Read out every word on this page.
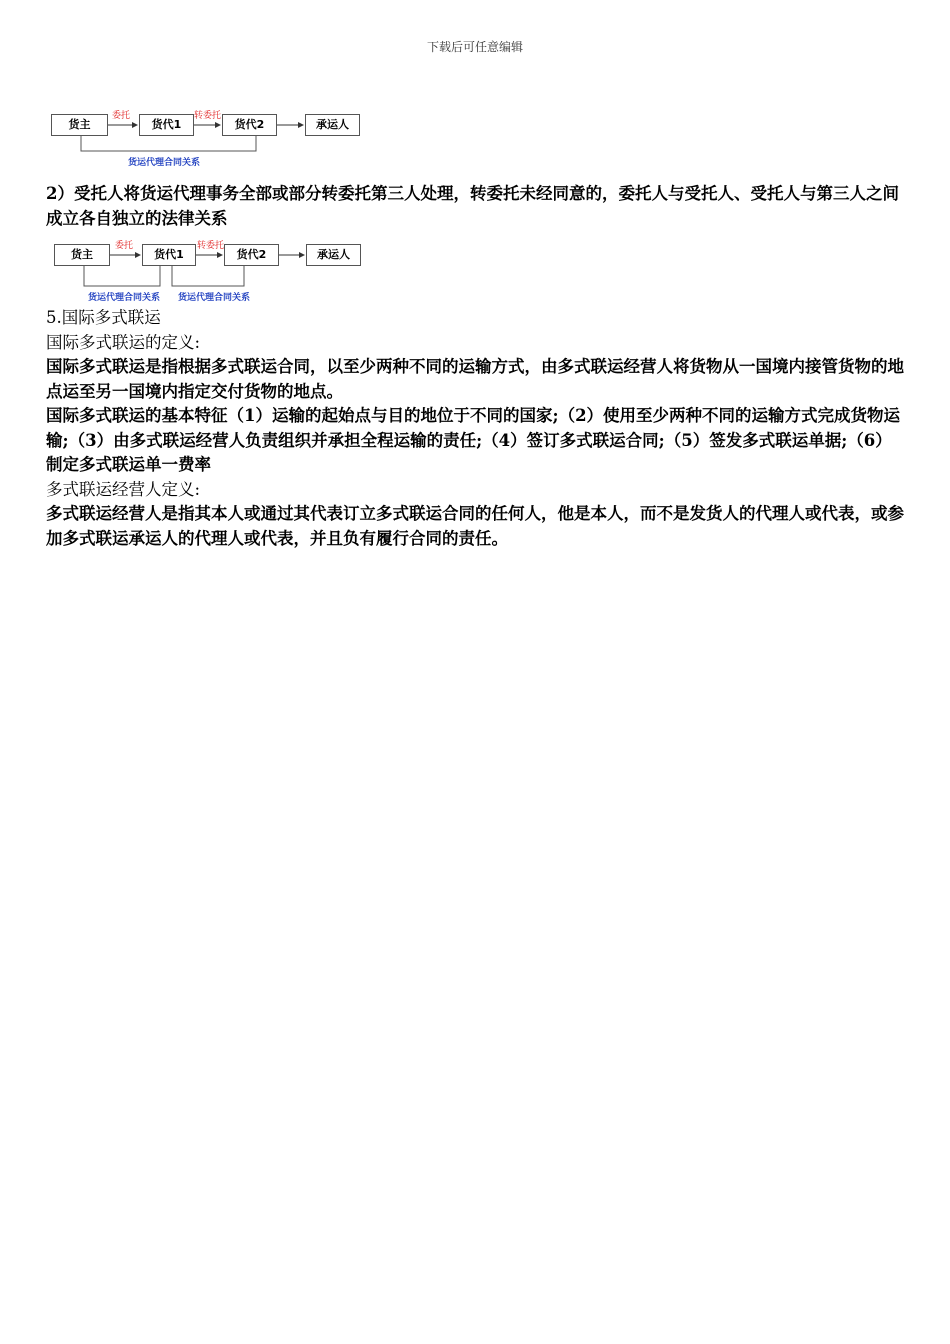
下载后可任意编辑
货主	货代1	货代2	承运人
委托	转委托
货运代理合同关系

2）受托人将货运代理事务全部或部分转委托第三人处理，转委托未经同意的，委托人与受托人、受托人与第三人之间成立各自独立的法律关系

货主	货代1	货代2	承运人
委托	转委托
货运代理合同关系 货运代理合同关系

5.国际多式联运

国际多式联运的定义:

国际多式联运是指根据多式联运合同，以至少两种不同的运输方式，由多式联运经营人将货物从一国境内接管货物的地点运至另一国境内指定交付货物的地点。

国际多式联运的基本特征（1）运输的起始点与目的地位于不同的国家;（2）使用至少两种不同的运输方式完成货物运输;（3）由多式联运经营人负责组织并承担全程运输的责任;（4）签订多式联运合同;（5）签发多式联运单据;（6）制定多式联运单一费率

多式联运经营人定义:

多式联运经营人是指其本人或通过其代表订立多式联运合同的任何人，他是本人，而不是发货人的代理人或代表，或参加多式联运承运人的代理人或代表，并且负有履行合同的责任。
